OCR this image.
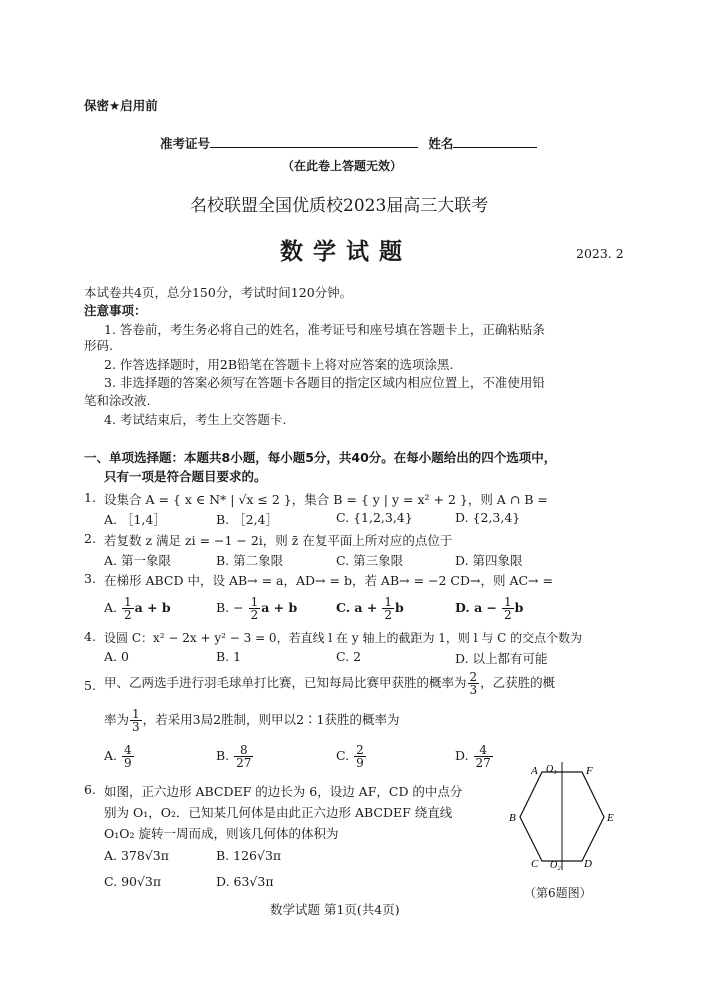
保密★启用前
准考证号	姓名
（在此卷上答题无效）
名校联盟全国优质校2023届高三大联考
数 学 试 题	2023. 2
本试卷共4页，总分150分，考试时间120分钟。
注意事项：
1. 答卷前，考生务必将自己的姓名，准考证号和座号填在答题卡上，正确粘贴条
形码.
2. 作答选择题时，用2B铅笔在答题卡上将对应答案的选项涂黑.
3. 非选择题的答案必须写在答题卡各题目的指定区域内相应位置上，不准使用铅
笔和涂改液.
4. 考试结束后，考生上交答题卡.
一、单项选择题：本题共8小题，每小题5分，共40分。在每小题给出的四个选项中，
只有一项是符合题目要求的。
1. 设集合 A = { x ∈ N* | √x ≤ 2 }，集合 B = { y | y = x² + 2 }，则 A ∩ B =
A. ［1,4］	B. ［2,4］	C. {1,2,3,4}	D. {2,3,4}
2. 若复数 z 满足 zi = −1 − 2i，则 z̄ 在复平面上所对应的点位于
A. 第一象限	B. 第二象限	C. 第三象限	D. 第四象限
3. 在梯形 ABCD 中，设 AB→ = a，AD→ = b，若 AB→ = −2 CD→，则 AC→ =
A. $\frac{1}{2}$ a + b	B. − $\frac{1}{2}$ a + b	C. $a + \frac{1}{2}$ b	D. $a - \frac{1}{2}$ b
4. 设圆 C：x² − 2x + y² − 3 = 0，若直线 l 在 y 轴上的截距为 1，则 l 与 C 的交点个数为
A. 0	B. 1	C. 2	D. 以上都有可能
5. 甲、乙两选手进行羽毛球单打比赛，已知每局比赛甲获胜的概率为 $\frac{2}{3}$ ，乙获胜的概
率为 $\frac{1}{3}$ ，若采用3局2胜制，则甲以2∶1获胜的概率为
A. $\frac{4}{9}$	B. $\frac{8}{27}$	C. $\frac{2}{9}$	D. $\frac{4}{27}$
6. 如图，正六边形 ABCDEF 的边长为 6，设边 AF，CD 的中点分
别为 O₁，O₂．已知某几何体是由此正六边形 ABCDEF 绕直线
O₁O₂ 旋转一周而成，则该几何体的体积为
A. 378√3π	B. 126√3π
C. 90√3π	D. 63√3π
A	F
O₁
B	E
C	D
O₂
（第6题图）
数学试题 第1页(共4页)
